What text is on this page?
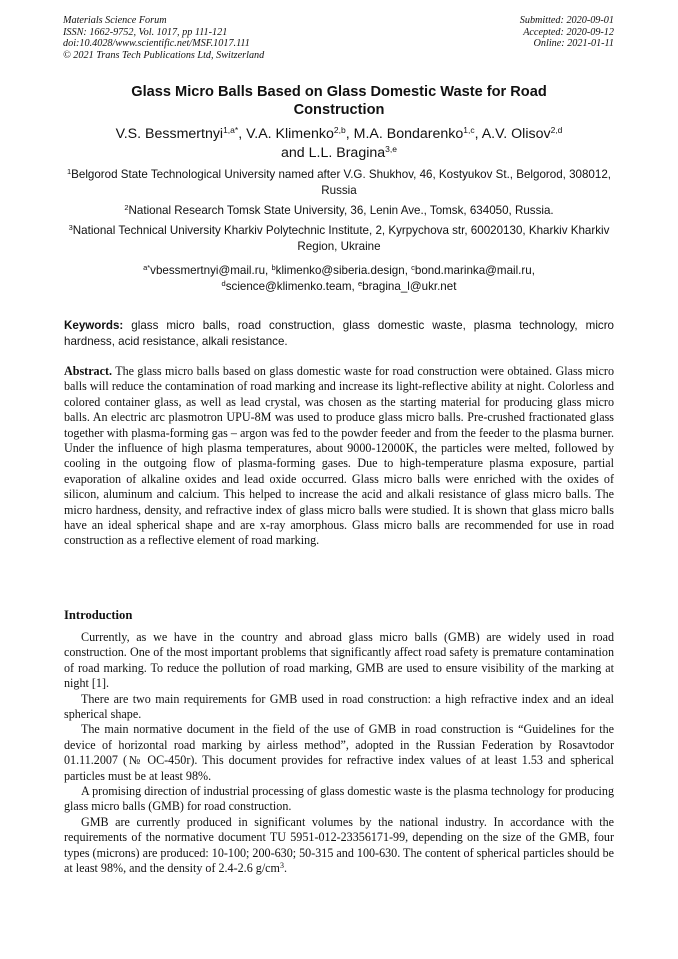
Materials Science Forum
ISSN: 1662-9752, Vol. 1017, pp 111-121
doi:10.4028/www.scientific.net/MSF.1017.111
© 2021 Trans Tech Publications Ltd, Switzerland
Submitted: 2020-09-01
Accepted: 2020-09-12
Online: 2021-01-11
Glass Micro Balls Based on Glass Domestic Waste for Road Construction
V.S. Bessmertnyi$^{1,a*}$, V.A. Klimenko$^{2,b}$, M.A. Bondarenko$^{1,c}$, A.V. Olisov$^{2,d}$
and L.L. Bragina$^{3,e}$
$^1$Belgorod State Technological University named after V.G. Shukhov, 46, Kostyukov St., Belgorod, 308012, Russia
$^2$National Research Tomsk State University, 36, Lenin Ave., Tomsk, 634050, Russia.
$^3$National Technical University Kharkiv Polytechnic Institute, 2, Kyrpychova str, 60020130, Kharkiv Kharkiv Region, Ukraine
$^{a*}$vbessmertnyi@mail.ru, $^b$klimenko@siberia.design, $^c$bond.marinka@mail.ru,
$^d$science@klimenko.team, $^e$bragina_l@ukr.net
Keywords: glass micro balls, road construction, glass domestic waste, plasma technology, micro hardness, acid resistance, alkali resistance.
Abstract. The glass micro balls based on glass domestic waste for road construction were obtained. Glass micro balls will reduce the contamination of road marking and increase its light-reflective ability at night. Colorless and colored container glass, as well as lead crystal, was chosen as the starting material for producing glass micro balls. An electric arc plasmotron UPU-8M was used to produce glass micro balls. Pre-crushed fractionated glass together with plasma-forming gas – argon was fed to the powder feeder and from the feeder to the plasma burner. Under the influence of high plasma temperatures, about 9000-12000K, the particles were melted, followed by cooling in the outgoing flow of plasma-forming gases. Due to high-temperature plasma exposure, partial evaporation of alkaline oxides and lead oxide occurred. Glass micro balls were enriched with the oxides of silicon, aluminum and calcium. This helped to increase the acid and alkali resistance of glass micro balls. The micro hardness, density, and refractive index of glass micro balls were studied. It is shown that glass micro balls have an ideal spherical shape and are x-ray amorphous. Glass micro balls are recommended for use in road construction as a reflective element of road marking.
Introduction

Currently, as we have in the country and abroad glass micro balls (GMB) are widely used in road construction. One of the most important problems that significantly affect road safety is premature contamination of road marking. To reduce the pollution of road marking, GMB are used to ensure visibility of the marking at night [1].

There are two main requirements for GMB used in road construction: a high refractive index and an ideal spherical shape.

The main normative document in the field of the use of GMB in road construction is “Guidelines for the device of horizontal road marking by airless method”, adopted in the Russian Federation by Rosavtodor 01.11.2007 (№ OC-450r). This document provides for refractive index values of at least 1.53 and spherical particles must be at least 98%.

A promising direction of industrial processing of glass domestic waste is the plasma technology for producing glass micro balls (GMB) for road construction.

GMB are currently produced in significant volumes by the national industry. In accordance with the requirements of the normative document TU 5951-012-23356171-99, depending on the size of the GMB, four types (microns) are produced: 10-100; 200-630; 50-315 and 100-630. The content of spherical particles should be at least 98%, and the density of 2.4-2.6 $g/cm^3$.
